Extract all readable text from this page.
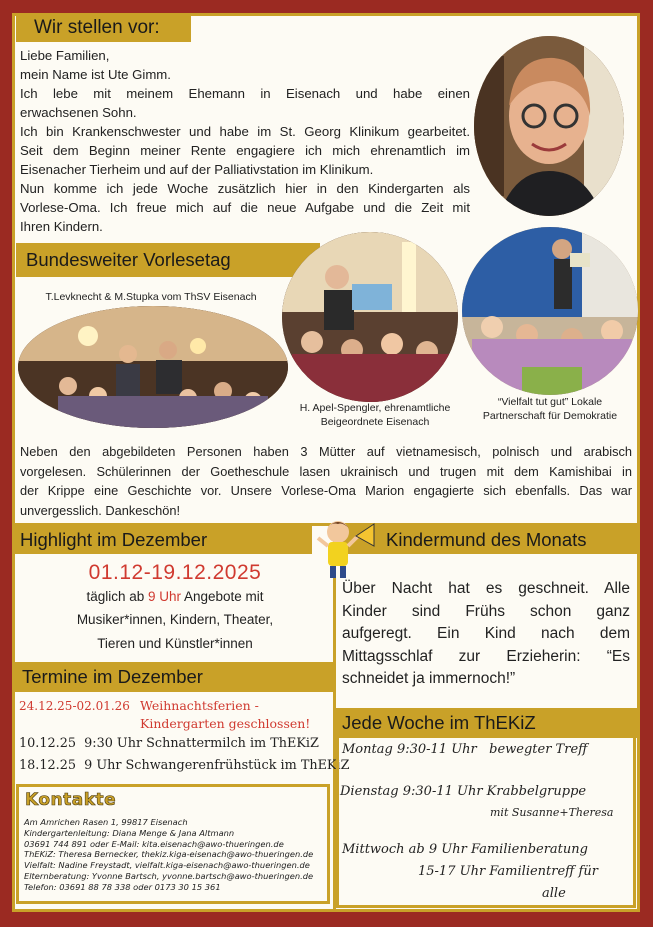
Wir stellen vor:

Liebe Familien,

mein Name ist Ute Gimm.

Ich lebe mit meinem Ehemann in Eisenach und habe einen

erwachsenen Sohn.

Ich bin Krankenschwester und habe im St. Georg Klinikum gearbeitet.

Seit dem Beginn meiner Rente engagiere ich mich ehrenamtlich im

Eisenacher Tierheim und auf der Palliativstation im Klinikum.

Nun komme ich jede Woche zusätzlich hier in den Kindergarten als

Vorlese-Oma. Ich freue mich auf die neue Aufgabe und die Zeit mit

Ihren Kindern.

Bundesweiter Vorlesetag
T.Levknecht & M.Stupka vom ThSV Eisenach
H. Apel-Spengler, ehrenamtliche
Beigeordnete Eisenach
“Vielfalt tut gut” Lokale
Partnerschaft für Demokratie

Neben den abgebildeten Personen haben 3 Mütter auf vietnamesisch, polnisch und arabisch

vorgelesen. Schülerinnen der Goetheschule lasen ukrainisch und trugen mit dem Kamishibai in

der Krippe eine Geschichte vor. Unsere Vorlese-Oma Marion engagierte sich ebenfalls. Das war

unvergesslich. Dankeschön!

Highlight im Dezember
01.12-19.12.2025
täglich ab 9 Uhr Angebote mit
Musiker*innen, Kindern, Theater,
Tieren und Künstler*innen
Kindermund des Monats

Über Nacht hat es geschneit. Alle

Kinder sind Frühs schon ganz

aufgeregt. Ein Kind nach dem

Mittagsschlaf zur Erzieherin: “Es

schneidet ja immernoch!”

Termine im Dezember
24.12.25-02.01.26 Weihnachtsferien -
Kindergarten geschlossen!
10.12.25  9:30 Uhr Schnattermilch im ThEKiZ
18.12.25  9 Uhr Schwangerenfrühstück im ThEKiZ
Kontakte
Am Amrichen Rasen 1, 99817 Eisenach
Kindergartenleitung: Diana Menge & Jana Altmann
03691 744 891 oder E-Mail: kita.eisenach@awo-thueringen.de
ThEKiZ: Theresa Bernecker, thekiz.kiga-eisenach@awo-thueringen.de
Vielfalt: Nadine Freystadt, vielfalt.kiga-eisenach@awo-thueringen.de
Elternberatung: Yvonne Bartsch, yvonne.bartsch@awo-thueringen.de
Telefon: 03691 88 78 338 oder 0173 30 15 361
Jede Woche im ThEKiZ
Montag 9:30-11 Uhr   bewegter Treff
Dienstag 9:30-11 Uhr Krabbelgruppe
mit Susanne+Theresa
Mittwoch ab 9 Uhr Familienberatung
15-17 Uhr Familientreff für
alle
